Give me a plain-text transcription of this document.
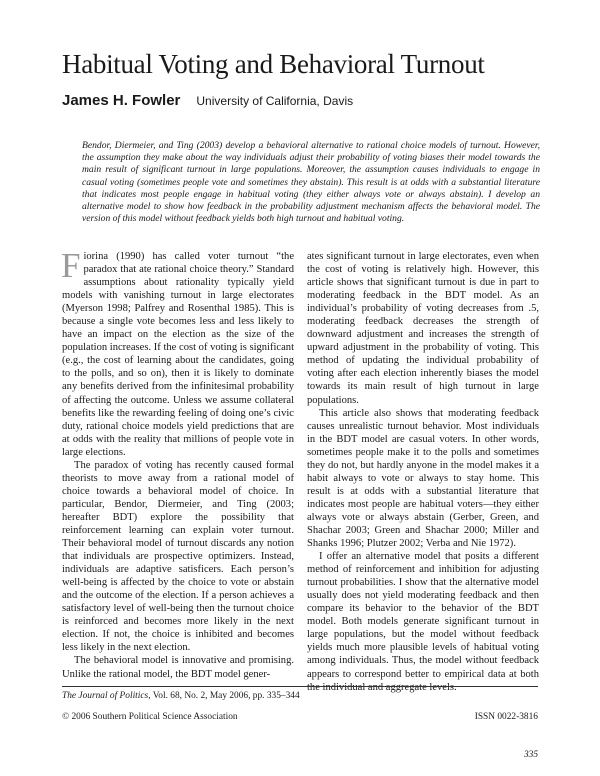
Habitual Voting and Behavioral Turnout
James H. Fowler University of California, Davis
Bendor, Diermeier, and Ting (2003) develop a behavioral alternative to rational choice models of turnout. However, the assumption they make about the way individuals adjust their probability of voting biases their model towards the main result of significant turnout in large populations. Moreover, the assumption causes individuals to engage in casual voting (sometimes people vote and sometimes they abstain). This result is at odds with a substantial literature that indicates most people engage in habitual voting (they either always vote or always abstain). I develop an alternative model to show how feedback in the probability adjustment mechanism affects the behavioral model. The version of this model without feedback yields both high turnout and habitual voting.

Fiorina (1990) has called voter turnout “the paradox that ate rational choice theory.” Standard assumptions about rationality typically yield models with vanishing turnout in large electorates (Myerson 1998; Palfrey and Rosenthal 1985). This is because a single vote becomes less and less likely to have an impact on the election as the size of the population increases. If the cost of voting is significant (e.g., the cost of learning about the candidates, going to the polls, and so on), then it is likely to dominate any benefits derived from the infinitesimal probability of affecting the outcome. Unless we assume collateral benefits like the rewarding feeling of doing one’s civic duty, rational choice models yield predictions that are at odds with the reality that millions of people vote in large elections.

The paradox of voting has recently caused formal theorists to move away from a rational model of choice towards a behavioral model of choice. In particular, Bendor, Diermeier, and Ting (2003; hereafter BDT) explore the possibility that reinforcement learning can explain voter turnout. Their behavioral model of turnout discards any notion that individuals are prospective optimizers. Instead, individuals are adaptive satisficers. Each person’s well-being is affected by the choice to vote or abstain and the outcome of the election. If a person achieves a satisfactory level of well-being then the turnout choice is reinforced and becomes more likely in the next election. If not, the choice is inhibited and becomes less likely in the next election.

The behavioral model is innovative and promising. Unlike the rational model, the BDT model gener-

ates significant turnout in large electorates, even when the cost of voting is relatively high. However, this article shows that significant turnout is due in part to moderating feedback in the BDT model. As an individual’s probability of voting decreases from .5, moderating feedback decreases the strength of downward adjustment and increases the strength of upward adjustment in the probability of voting. This method of updating the individual probability of voting after each election inherently biases the model towards its main result of high turnout in large populations.

This article also shows that moderating feedback causes unrealistic turnout behavior. Most individuals in the BDT model are casual voters. In other words, sometimes people make it to the polls and sometimes they do not, but hardly anyone in the model makes it a habit always to vote or always to stay home. This result is at odds with a substantial literature that indicates most people are habitual voters—they either always vote or always abstain (Gerber, Green, and Shachar 2003; Green and Shachar 2000; Miller and Shanks 1996; Plutzer 2002; Verba and Nie 1972).

I offer an alternative model that posits a different method of reinforcement and inhibition for adjusting turnout probabilities. I show that the alternative model usually does not yield moderating feedback and then compare its behavior to the behavior of the BDT model. Both models generate significant turnout in large populations, but the model without feedback yields much more plausible levels of habitual voting among individuals. Thus, the model without feedback appears to correspond better to empirical data at both the individual and aggregate levels.

The Journal of Politics, Vol. 68, No. 2, May 2006, pp. 335–344
© 2006 Southern Political Science Association	ISSN 0022-3816
335
